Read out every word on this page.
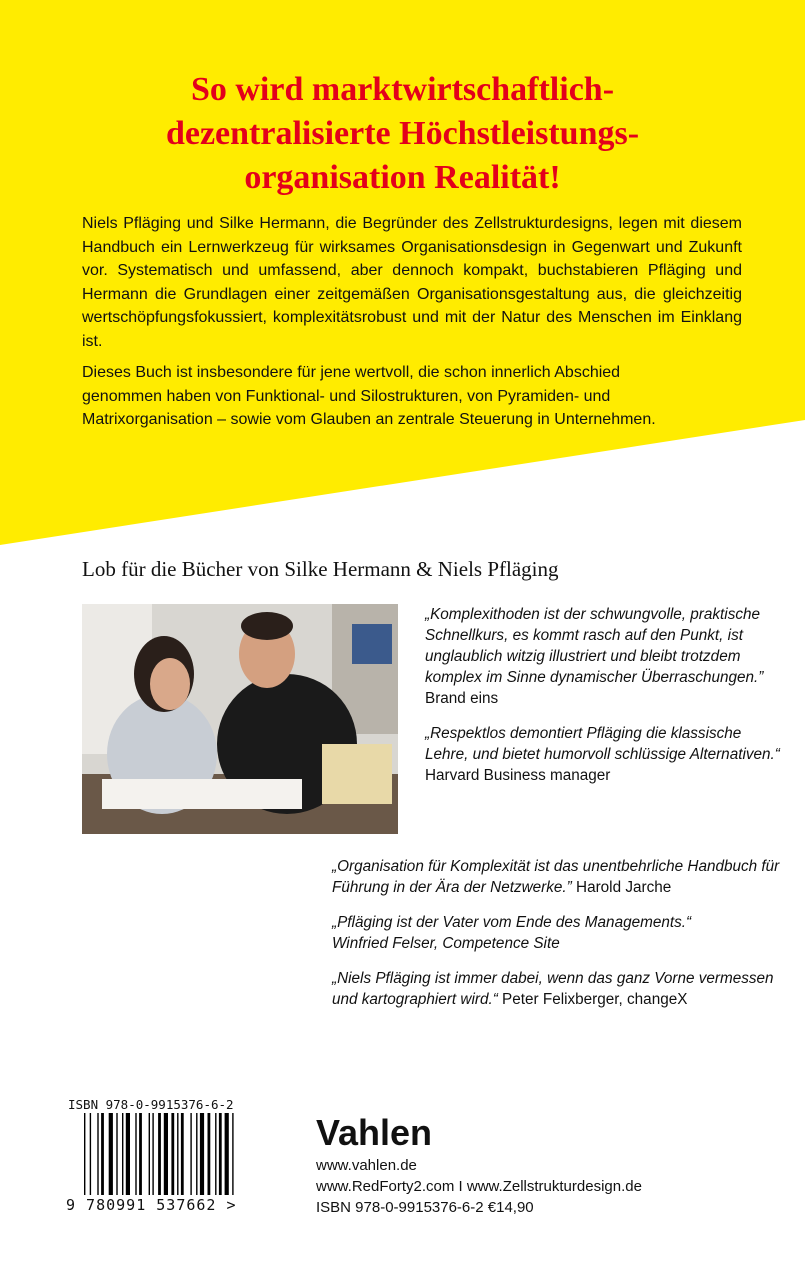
So wird marktwirtschaftlich-
dezentralisierte Höchstleistungs-
organisation Realität!

Niels Pfläging und Silke Hermann, die Begründer des Zellstrukturdesigns, legen mit diesem Handbuch ein Lernwerkzeug für wirksames Organisationsdesign in Gegenwart und Zukunft vor. Systematisch und umfassend, aber dennoch kompakt, buchstabieren Pfläging und Hermann die Grundlagen einer zeitgemäßen Organisationsgestaltung aus, die gleichzeitig wertschöpfungsfokussiert, komplexitätsrobust und mit der Natur des Menschen im Einklang ist.

Dieses Buch ist insbesondere für jene wertvoll, die schon innerlich Abschied genommen haben von Funktional- und Silostrukturen, von Pyramiden- und Matrixorganisation – sowie vom Glauben an zentrale Steuerung in Unternehmen.

Lob für die Bücher von Silke Hermann & Niels Pfläging
„Komplexithoden ist der schwungvolle, praktische Schnellkurs, es kommt rasch auf den Punkt, ist unglaublich witzig illustriert und bleibt trotzdem komplex im Sinne dynamischer Überraschungen.”
Brand eins
„Respektlos demontiert Pfläging die klassische Lehre, und bietet humorvoll schlüssige Alternativen.“
Harvard Business manager
„Organisation für Komplexität ist das unentbehrliche Handbuch für Führung in der Ära der Netzwerke.” Harold Jarche
„Pfläging ist der Vater vom Ende des Managements.“
Winfried Felser, Competence Site
„Niels Pfläging ist immer dabei, wenn das ganz Vorne vermessen und kartographiert wird.“ Peter Felixberger, changeX
ISBN 978-0-9915376-6-2
9 780991 537662 >
Vahlen
www.vahlen.de
www.RedForty2.com I www.Zellstrukturdesign.de
ISBN 978-0-9915376-6-2 €14,90
